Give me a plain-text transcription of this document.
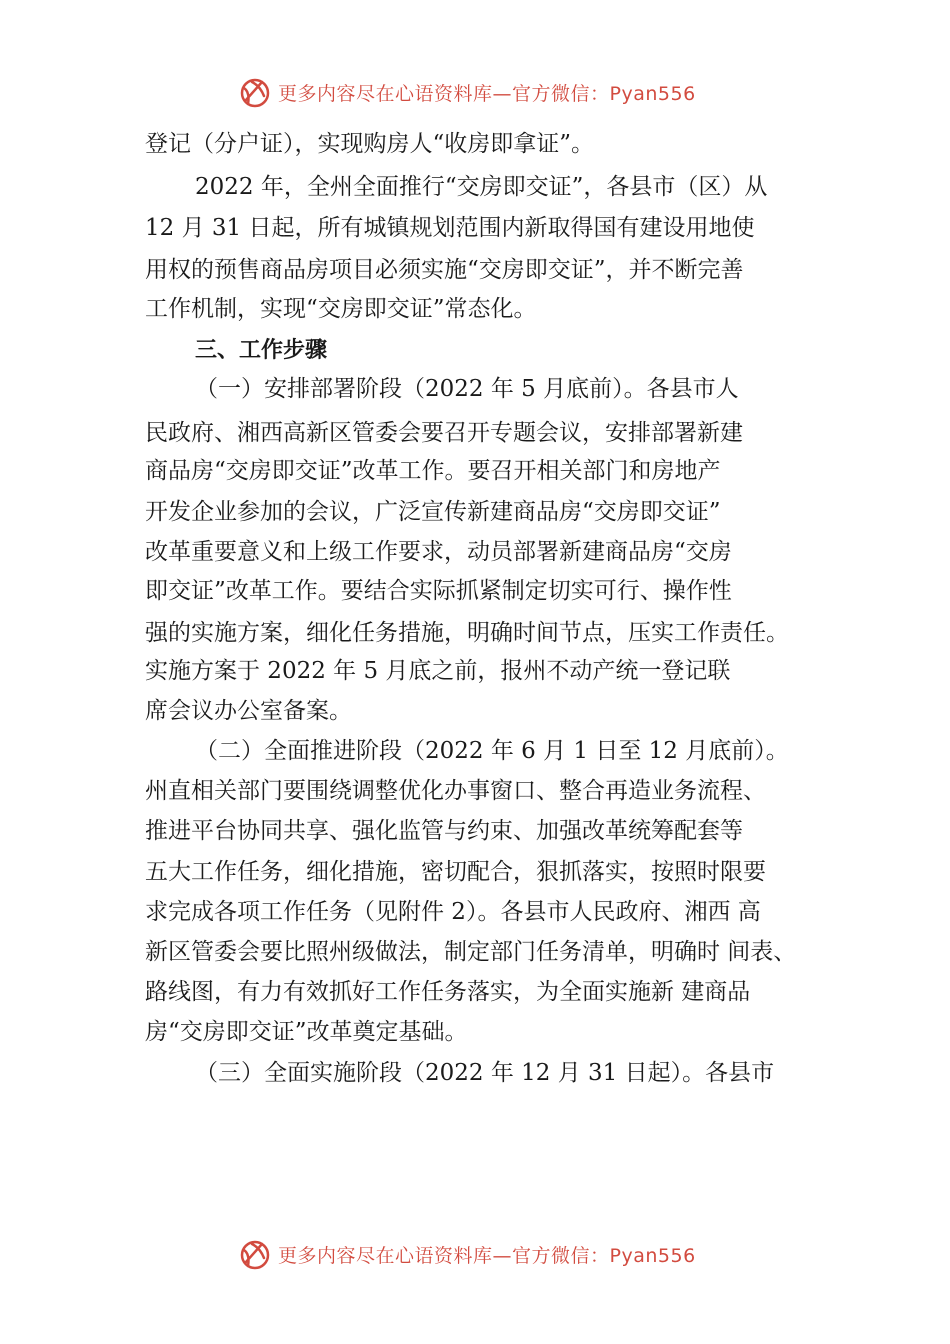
更多内容尽在心语资料库—官方微信：Pyan556
登记（分户证），实现购房人“收房即拿证”。
2022 年，全州全面推行“交房即交证”，各县市（区）从
12 月 31 日起，所有城镇规划范围内新取得国有建设用地使
用权的预售商品房项目必须实施“交房即交证”，并不断完善
工作机制，实现“交房即交证”常态化。
三、工作步骤
（一）安排部署阶段（2022 年 5 月底前）。各县市人
民政府、湘西高新区管委会要召开专题会议，安排部署新建
商品房“交房即交证”改革工作。要召开相关部门和房地产
开发企业参加的会议，广泛宣传新建商品房“交房即交证”
改革重要意义和上级工作要求，动员部署新建商品房“交房
即交证”改革工作。要结合实际抓紧制定切实可行、操作性
强的实施方案，细化任务措施，明确时间节点，压实工作责任。
实施方案于 2022 年 5 月底之前，报州不动产统一登记联
席会议办公室备案。
（二）全面推进阶段（2022 年 6 月 1 日至 12 月底前）。
州直相关部门要围绕调整优化办事窗口、整合再造业务流程、
推进平台协同共享、强化监管与约束、加强改革统筹配套等
五大工作任务，细化措施，密切配合，狠抓落实，按照时限要
求完成各项工作任务（见附件 2）。各县市人民政府、湘西 高
新区管委会要比照州级做法，制定部门任务清单，明确时 间表、
路线图，有力有效抓好工作任务落实，为全面实施新 建商品
房“交房即交证”改革奠定基础。
（三）全面实施阶段（2022 年 12 月 31 日起）。各县市
更多内容尽在心语资料库—官方微信：Pyan556
